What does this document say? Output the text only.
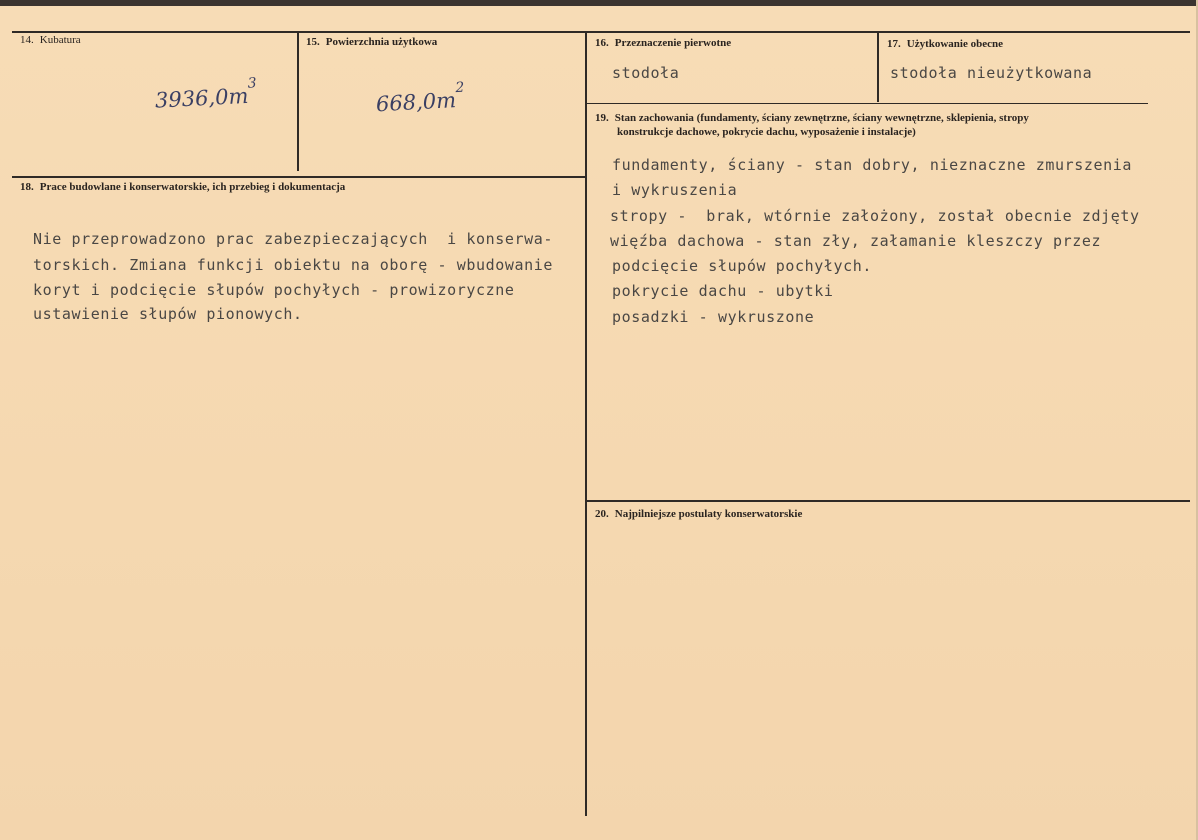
14. Kubatura
$3936,0m^3$
15. Powierzchnia użytkowa
$668,0m^2$
16. Przeznaczenie pierwotne
stodoła
17. Użytkowanie obecne
stodoła nieużytkowana
18. Prace budowlane i konserwatorskie, ich przebieg i dokumentacja
Nie przeprowadzono prac zabezpieczających  i konserwa-
torskich. Zmiana funkcji obiektu na oborę - wbudowanie
koryt i podcięcie słupów pochyłych - prowizoryczne
ustawienie słupów pionowych.
19. Stan zachowania (fundamenty, ściany zewnętrzne, ściany wewnętrzne, sklepienia, stropy
konstrukcje dachowe, pokrycie dachu, wyposażenie i instalacje)
fundamenty, ściany - stan dobry, nieznaczne zmurszenia
i wykruszenia
stropy -  brak, wtórnie założony, został obecnie zdjęty
więźba dachowa - stan zły, załamanie kleszczy przez
podcięcie słupów pochyłych.
pokrycie dachu - ubytki
posadzki - wykruszone
20. Najpilniejsze postulaty konserwatorskie
